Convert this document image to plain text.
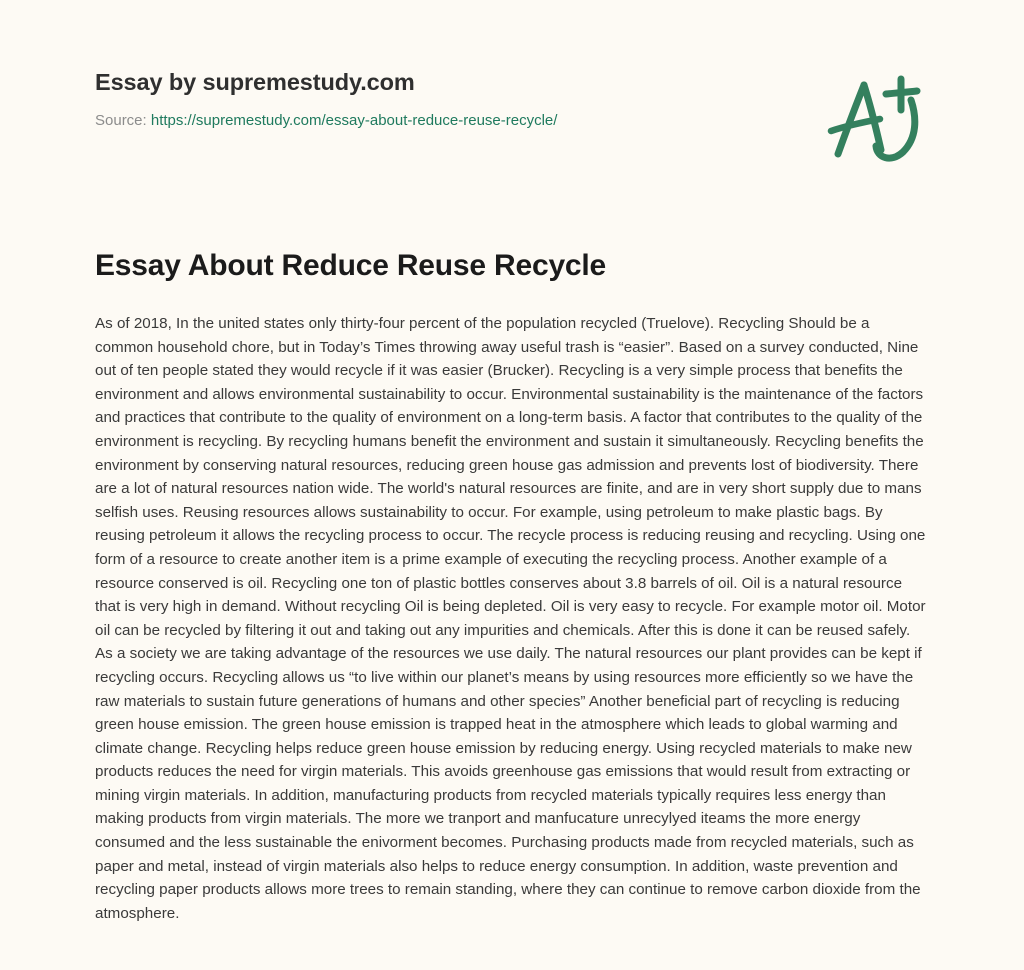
Essay by supremestudy.com
Source: https://supremestudy.com/essay-about-reduce-reuse-recycle/
Essay About Reduce Reuse Recycle

As of 2018, In the united states only thirty-four percent of the population recycled (Truelove). Recycling Should be a common household chore, but in Today’s Times throwing away useful trash is “easier”. Based on a survey conducted, Nine out of ten people stated they would recycle if it was easier (Brucker). Recycling is a very simple process that benefits the environment and allows environmental sustainability to occur. Environmental sustainability is the maintenance of the factors and practices that contribute to the quality of environment on a long-term basis. A factor that contributes to the quality of the environment is recycling. By recycling humans benefit the environment and sustain it simultaneously. Recycling benefits the environment by conserving natural resources, reducing green house gas admission and prevents lost of biodiversity. There are a lot of natural resources nation wide. The world's natural resources are finite, and are in very short supply due to mans selfish uses. Reusing resources allows sustainability to occur. For example, using petroleum to make plastic bags. By reusing petroleum it allows the recycling process to occur. The recycle process is reducing reusing and recycling. Using one form of a resource to create another item is a prime example of executing the recycling process. Another example of a resource conserved is oil. Recycling one ton of plastic bottles conserves about 3.8 barrels of oil. Oil is a natural resource that is very high in demand. Without recycling Oil is being depleted. Oil is very easy to recycle. For example motor oil. Motor oil can be recycled by filtering it out and taking out any impurities and chemicals. After this is done it can be reused safely. As a society we are taking advantage of the resources we use daily. The natural resources our plant provides can be kept if recycling occurs. Recycling allows us “to live within our planet’s means by using resources more efficiently so we have the raw materials to sustain future generations of humans and other species” Another beneficial part of recycling is reducing green house emission. The green house emission is trapped heat in the atmosphere which leads to global warming and climate change. Recycling helps reduce green house emission by reducing energy. Using recycled materials to make new products reduces the need for virgin materials. This avoids greenhouse gas emissions that would result from extracting or mining virgin materials. In addition, manufacturing products from recycled materials typically requires less energy than making products from virgin materials. The more we tranport and manfucature unrecylyed iteams the more energy consumed and the less sustainable the enivorment becomes. Purchasing products made from recycled materials, such as paper and metal, instead of virgin materials also helps to reduce energy consumption. In addition, waste prevention and recycling paper products allows more trees to remain standing, where they can continue to remove carbon dioxide from the atmosphere.
